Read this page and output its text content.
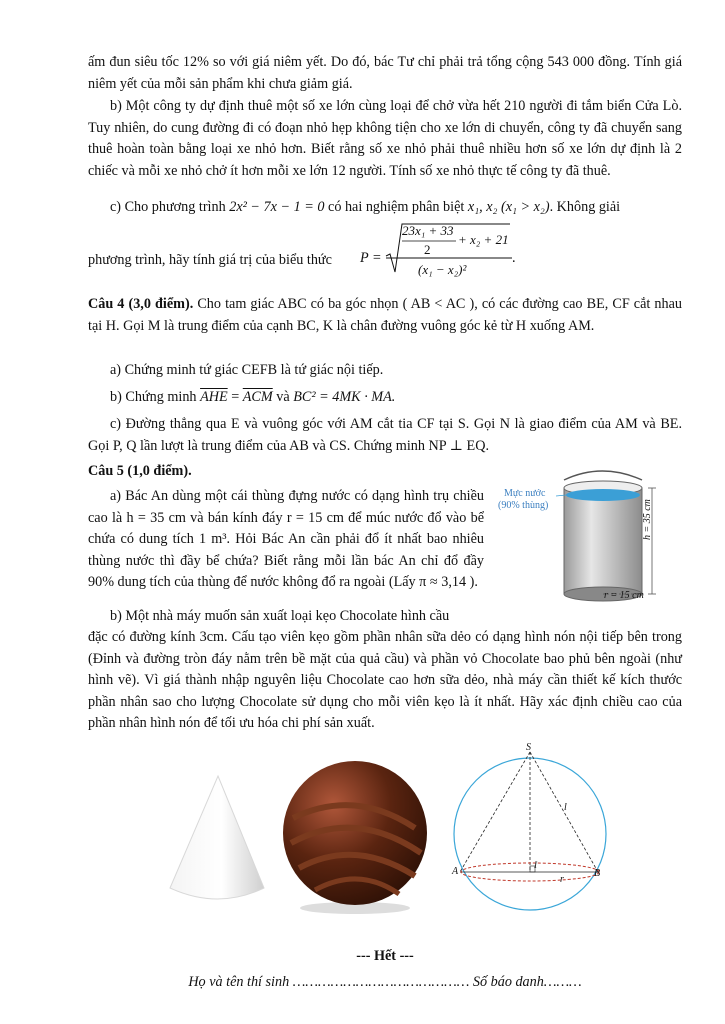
ấm đun siêu tốc 12% so với giá niêm yết. Do đó, bác Tư chỉ phải trả tổng cộng 543 000 đồng. Tính giá niêm yết của mỗi sản phẩm khi chưa giảm giá.
b) Một công ty dự định thuê một số xe lớn cùng loại để chở vừa hết 210 người đi tắm biển Cửa Lò. Tuy nhiên, do cung đường đi có đoạn nhỏ hẹp không tiện cho xe lớn di chuyển, công ty đã chuyển sang thuê hoàn toàn bằng loại xe nhỏ hơn. Biết rằng số xe nhỏ phải thuê nhiều hơn số xe lớn dự định là 2 chiếc và mỗi xe nhỏ chở ít hơn mỗi xe lớn 12 người. Tính số xe nhỏ thực tế công ty đã thuê.
c) Cho phương trình 2x² − 7x − 1 = 0 có hai nghiệm phân biệt x₁, x₂ (x₁ > x₂). Không giải
phương trình, hãy tính giá trị của biểu thức	P =
23x₁ + 33
2
+ x₂ + 21
(x₁ − x₂)²
.
Câu 4 (3,0 điểm). Cho tam giác ABC có ba góc nhọn ( AB < AC ), có các đường cao BE, CF cắt nhau tại H. Gọi M là trung điểm của cạnh BC, K là chân đường vuông góc kẻ từ H xuống AM.
a) Chứng minh tứ giác CEFB là tứ giác nội tiếp.
b) Chứng minh $\overline{AHE} = \overline{ACM}$ và BC² = 4MK · MA.
c) Đường thẳng qua E và vuông góc với AM cắt tia CF tại S. Gọi N là giao điểm của AM và BE. Gọi P, Q lần lượt là trung điểm của AB và CS. Chứng minh NP ⊥ EQ.
Câu 5 (1,0 điểm).
a) Bác An dùng một cái thùng đựng nước có dạng hình trụ chiều cao là h = 35 cm và bán kính đáy r = 15 cm để múc nước đổ vào bể chứa có dung tích 1 m³. Hỏi Bác An cần phải đổ ít nhất bao nhiêu thùng nước thì đầy bể chứa? Biết rằng mỗi lần bác An chỉ đổ đầy 90% dung tích của thùng để nước không đổ ra ngoài (Lấy π ≈ 3,14 ).
Mực nước
(90% thùng)	h = 35 cm
r = 15 cm
b) Một nhà máy muốn sản xuất loại kẹo Chocolate hình cầu
đặc có đường kính 3cm. Cấu tạo viên kẹo gồm phần nhân sữa dẻo có dạng hình nón nội tiếp bên trong (Đỉnh và đường tròn đáy nằm trên bề mặt của quả cầu) và phần vỏ Chocolate bao phủ bên ngoài (như hình vẽ). Vì giá thành nhập nguyên liệu Chocolate cao hơn sữa dẻo, nhà máy cần thiết kế kích thước phần nhân sao cho lượng Chocolate sử dụng cho mỗi viên kẹo là ít nhất. Hãy xác định chiều cao của phần nhân hình nón để tối ưu hóa chi phí sản xuất.
S
A	B
I
l
r
--- Hết ---
Họ và tên thí sinh …………………………………… Số báo danh………
